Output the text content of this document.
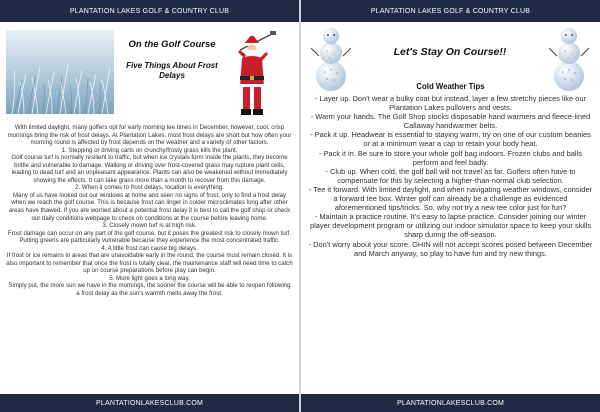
PLANTATION LAKES GOLF & COUNTRY CLUB
On the Golf Course
Five Things About Frost Delays

With limited daylight, many golfers opt for early morning tee times in December, however, cool, crisp mornings bring the risk of frost delays. At Plantation Lakes, most frost delays are short but how often your morning round is affected by frost depends on the weather and a variety of other factors.

1. Stepping or driving carts on crunchy/frosty grass kills the plant.

Golf course turf is normally resilient to traffic, but when ice crystals form inside the plants, they become brittle and vulnerable to damage. Walking or driving over frost-covered grass may rupture plant cells, leading to dead turf and an unpleasant appearance. Plants can also be weakened without immediately showing the effects. It can take grass more than a month to recover from this damage.

2. When it comes to frost delays, location is everything.

Many of us have looked out our windows at home and seen no signs of frost, only to find a frost delay when we reach the golf course. This is because frost can linger in colder microclimates long after other areas have thawed. If you are worried about a potential frost delay it is best to call the golf shop or check our daily conditions webpage to check on conditions at the course before leaving home.

3. Closely mown turf is at high risk.

Frost damage can occur on any part of the golf course, but it poses the greatest risk to closely mown turf. Putting greens are particularly vulnerable because they experience the most concentrated traffic.

4. A little frost can cause big delays.

If frost or ice remains in areas that are unavoidable early in the round, the course must remain closed. It is also important to remember that once the frost is totally clear, the maintenance staff will need time to catch up on course preparations before play can begin.

5. More light goes a long way.

Simply put, the more sun we have in the mornings, the sooner the course will be able to reopen following a frost delay as the sun's warmth melts away the frost.

PLANTATIONLAKESCLUB.COM
PLANTATION LAKES GOLF & COUNTRY CLUB
Let's Stay On Course!!
Cold Weather Tips

- Layer up. Don't wear a bulky coat but instead, layer a few stretchy pieces like our Plantation Lakes pullovers and vests.

- Warm your hands. The Golf Shop stocks disposable hand warmers and fleece-lined Callaway handwarmer belts.

- Pack it up. Headwear is essential to staying warm, try on one of our custom beanies or at a minimum wear a cap to retain your body heat.

- Pack it in. Be sure to store your whole golf bag indoors. Frozen clubs and balls perform and feel badly.

- Club up. When cold, the golf ball will not travel as far. Golfers often have to compensate for this by selecting a higher-than-normal club selection.

- Tee it forward. With limited daylight, and when navigating weather windows, consider a forward tee box. Winter golf can already be a challenge as evidenced aforementioned tips/tricks. So, why not try a new tee color just for fun?

- Maintain a practice routine. It's easy to lapse practice. Consider joining our winter player development program or utilizing our indoor simulator space to keep your skills sharp during the off-season.

- Don't worry about your score. GHIN will not accept scores posed between December and March anyway, so play to have fun and try new things.

PLANTATIONLAKESCLUB.COM
